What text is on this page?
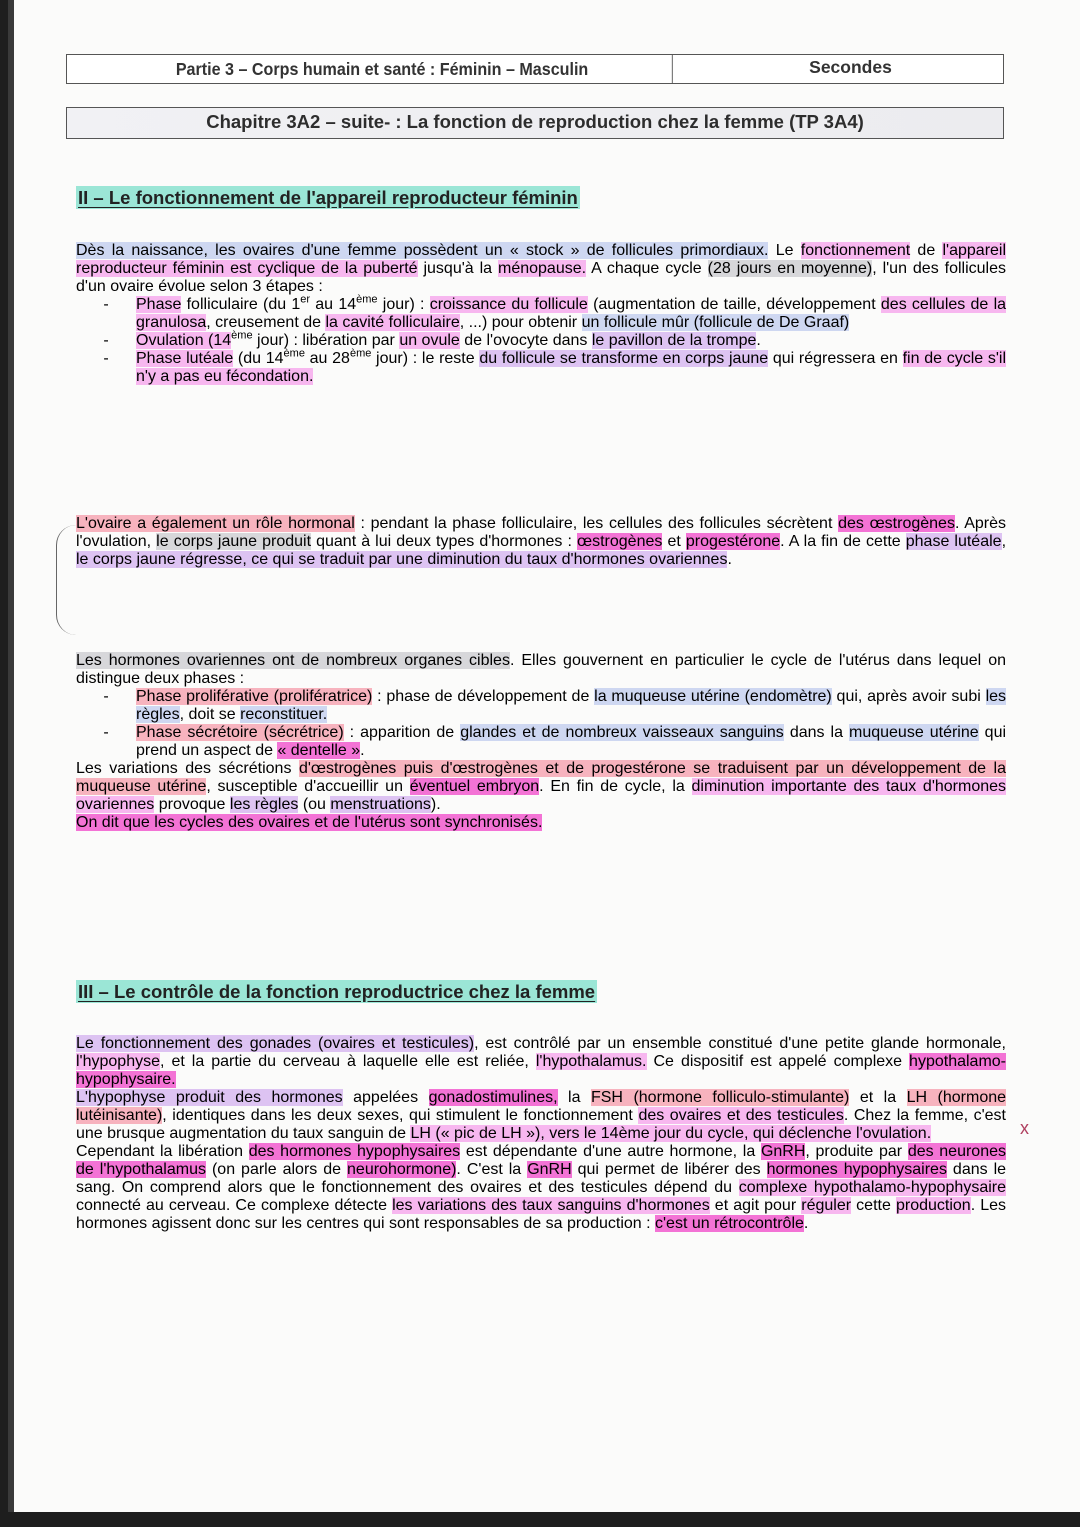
Partie 3 – Corps humain et santé : Féminin – Masculin	Secondes
Chapitre 3A2 – suite- : La fonction de reproduction chez la femme (TP 3A4)
II – Le fonctionnement de l'appareil reproducteur féminin

Dès la naissance, les ovaires d'une femme possèdent un « stock » de follicules primordiaux. Le fonctionnement de l'appareil reproducteur féminin est cyclique de la puberté jusqu'à la ménopause. A chaque cycle (28 jours en moyenne), l'un des follicules d'un ovaire évolue selon 3 étapes :

-	Phase folliculaire (du 1er au 14ème jour) : croissance du follicule (augmentation de taille, développement des cellules de la granulosa, creusement de la cavité folliculaire, ...) pour obtenir un follicule mûr (follicule de De Graaf)
-	Ovulation (14ème jour) : libération par un ovule de l'ovocyte dans le pavillon de la trompe.
-	Phase lutéale (du 14ème au 28ème jour) : le reste du follicule se transforme en corps jaune qui régressera en fin de cycle s'il n'y a pas eu fécondation.

L'ovaire a également un rôle hormonal : pendant la phase folliculaire, les cellules des follicules sécrètent des œstrogènes. Après l'ovulation, le corps jaune produit quant à lui deux types d'hormones : œstrogènes et progestérone. A la fin de cette phase lutéale, le corps jaune régresse, ce qui se traduit par une diminution du taux d'hormones ovariennes.

Les hormones ovariennes ont de nombreux organes cibles. Elles gouvernent en particulier le cycle de l'utérus dans lequel on distingue deux phases :

-	Phase proliférative (prolifératrice) : phase de développement de la muqueuse utérine (endomètre) qui, après avoir subi les règles, doit se reconstituer.
-	Phase sécrétoire (sécrétrice) : apparition de glandes et de nombreux vaisseaux sanguins dans la muqueuse utérine qui prend un aspect de « dentelle ».

Les variations des sécrétions d'œstrogènes puis d'œstrogènes et de progestérone se traduisent par un développement de la muqueuse utérine, susceptible d'accueillir un éventuel embryon. En fin de cycle, la diminution importante des taux d'hormones ovariennes provoque les règles (ou menstruations).

On dit que les cycles des ovaires et de l'utérus sont synchronisés.

III – Le contrôle de la fonction reproductrice chez la femme

Le fonctionnement des gonades (ovaires et testicules), est contrôlé par un ensemble constitué d'une petite glande hormonale, l'hypophyse, et la partie du cerveau à laquelle elle est reliée, l'hypothalamus. Ce dispositif est appelé complexe hypothalamo-hypophysaire.

L'hypophyse produit des hormones appelées gonadostimulines, la FSH (hormone folliculo-stimulante) et la LH (hormone lutéinisante), identiques dans les deux sexes, qui stimulent le fonctionnement des ovaires et des testicules. Chez la femme, c'est une brusque augmentation du taux sanguin de LH (« pic de LH »), vers le 14ème jour du cycle, qui déclenche l'ovulation.

Cependant la libération des hormones hypophysaires est dépendante d'une autre hormone, la GnRH, produite par des neurones de l'hypothalamus (on parle alors de neurohormone). C'est la GnRH qui permet de libérer des hormones hypophysaires dans le sang. On comprend alors que le fonctionnement des ovaires et des testicules dépend du complexe hypothalamo-hypophysaire connecté au cerveau. Ce complexe détecte les variations des taux sanguins d'hormones et agit pour réguler cette production. Les hormones agissent donc sur les centres qui sont responsables de sa production : c'est un rétrocontrôle.

x
